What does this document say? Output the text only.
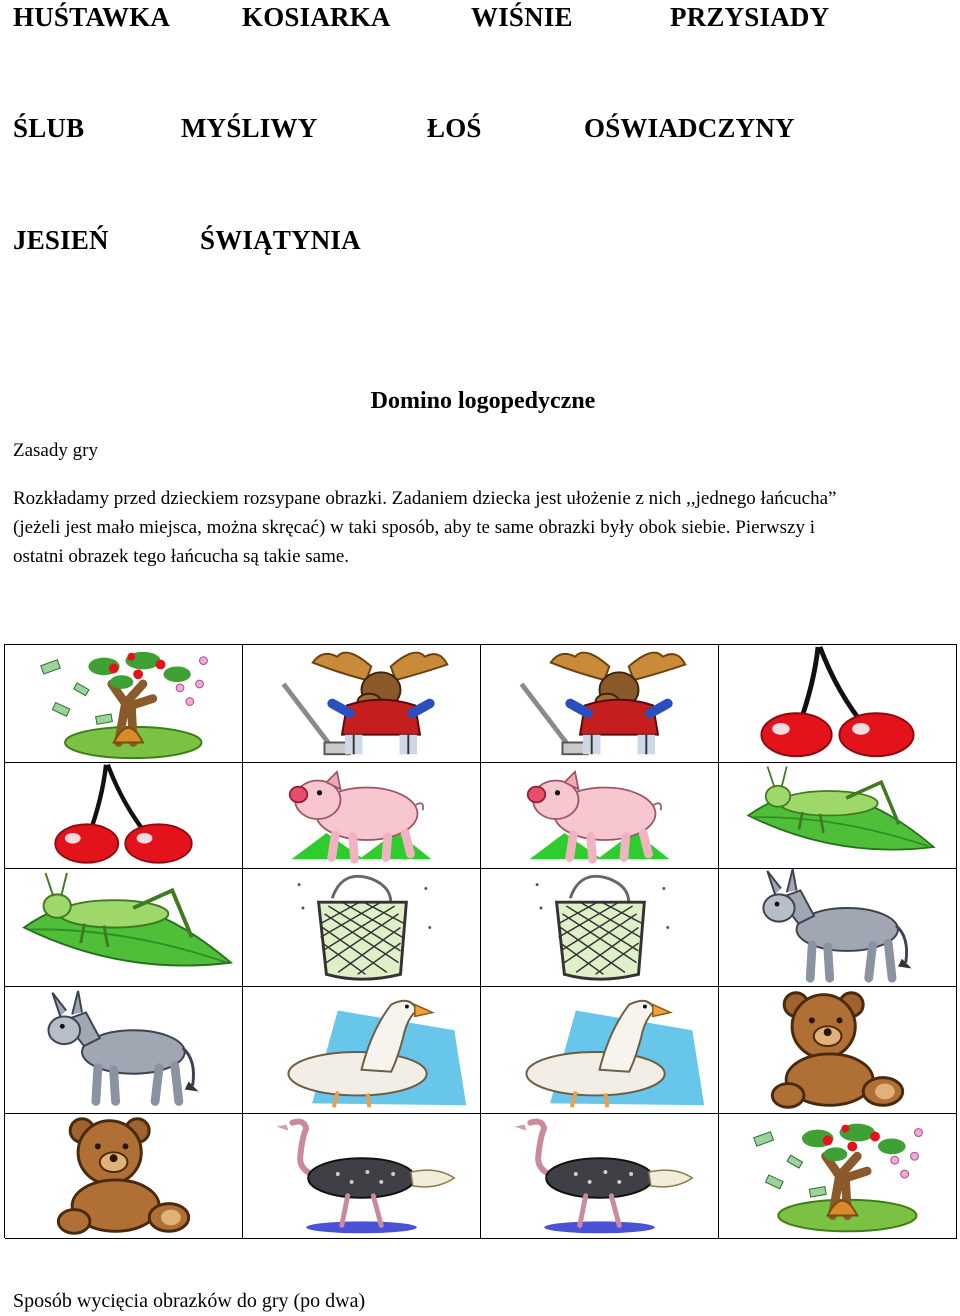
HUŚTAWKA	KOSIARKA	WIŚNIE	PRZYSIADY
ŚLUB	MYŚLIWY	ŁOŚ	OŚWIADCZYNY
JESIEŃ	ŚWIĄTYNIA
Domino logopedyczne
Zasady gry
Rozkładamy przed dzieckiem rozsypane obrazki. Zadaniem dziecka jest ułożenie z nich ,,jednego łańcucha”
(jeżeli jest mało miejsca, można skręcać) w taki sposób, aby te same obrazki były obok siebie. Pierwszy i
ostatni obrazek tego łańcucha są takie same.
Sposób wycięcia obrazków do gry (po dwa)
